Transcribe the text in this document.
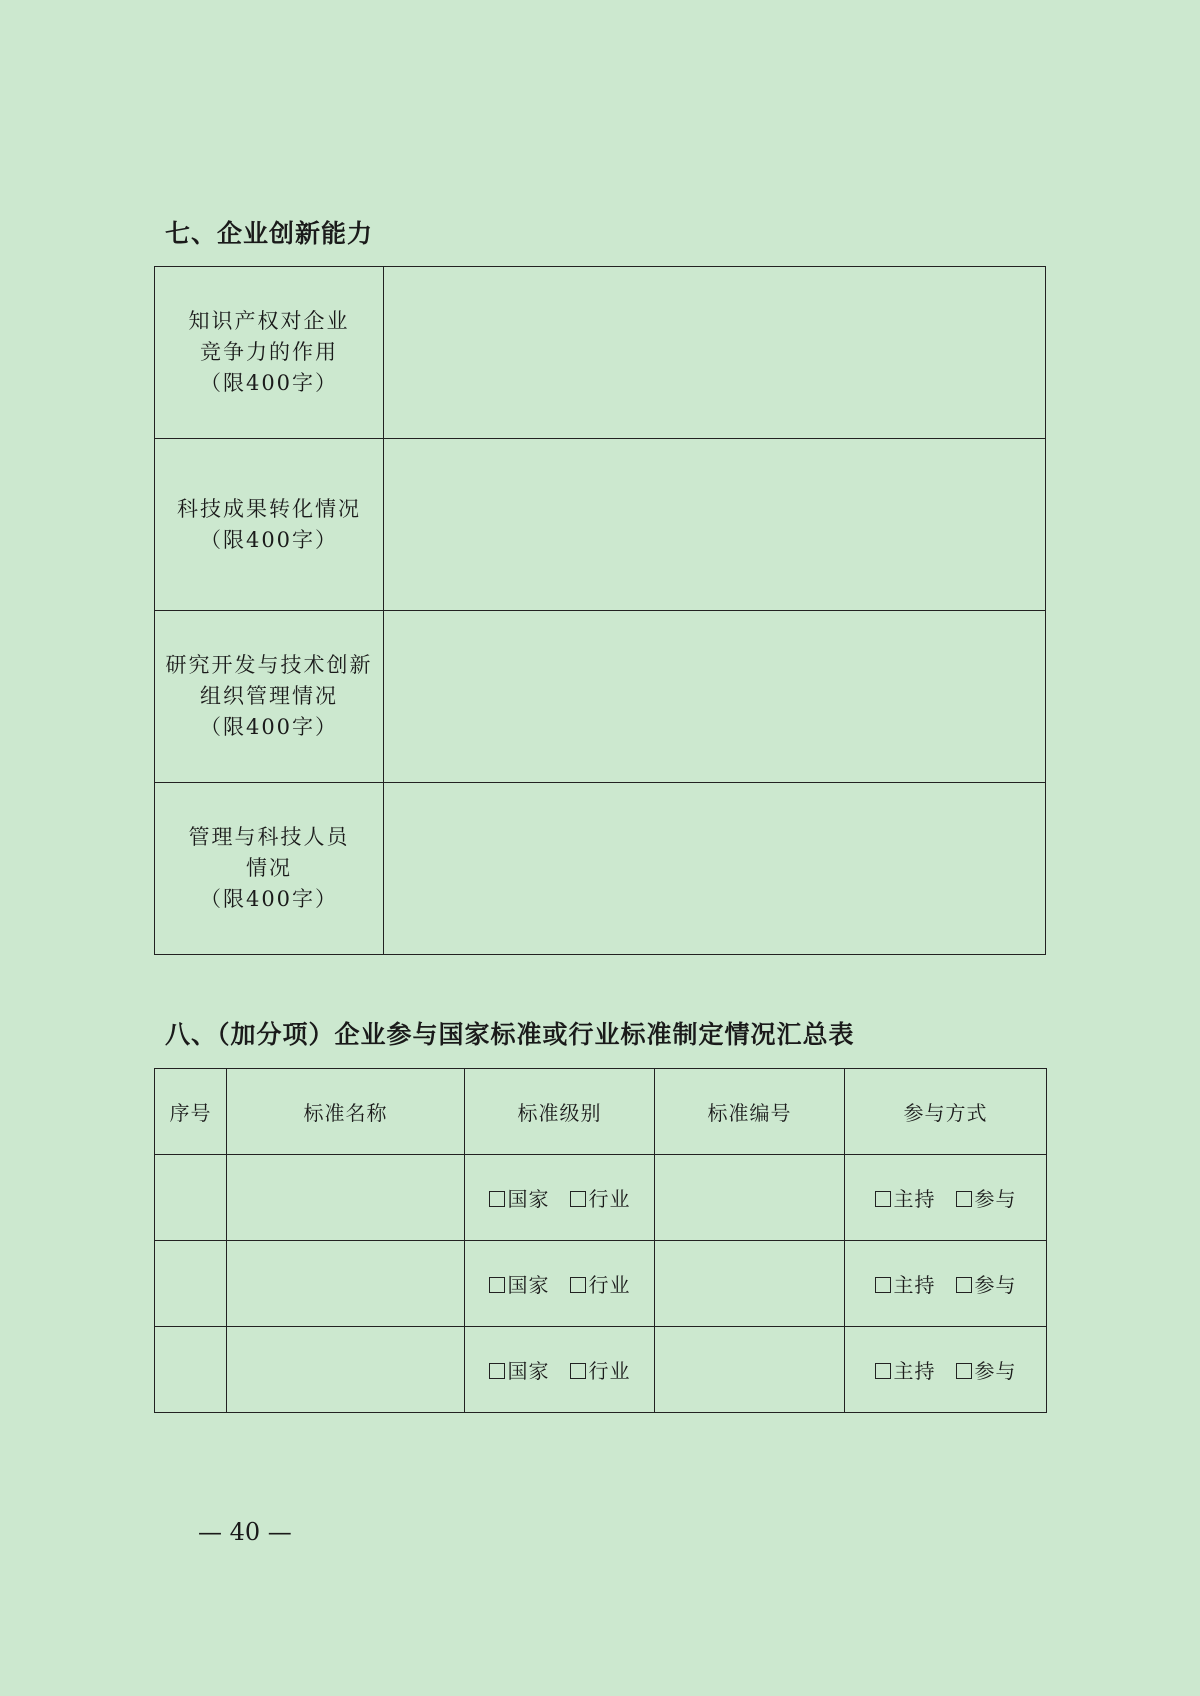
七、企业创新能力
知识产权对企业
竞争力的作用
（限400字）	

科技成果转化情况
（限400字）	

研究开发与技术创新
组织管理情况
（限400字）	

管理与科技人员
情况
（限400字）	

八、（加分项）企业参与国家标准或行业标准制定情况汇总表
序号	标准名称	标准级别	标准编号	参与方式
		国家 行业		主持 参与
		国家 行业		主持 参与
		国家 行业		主持 参与
— 40 —
